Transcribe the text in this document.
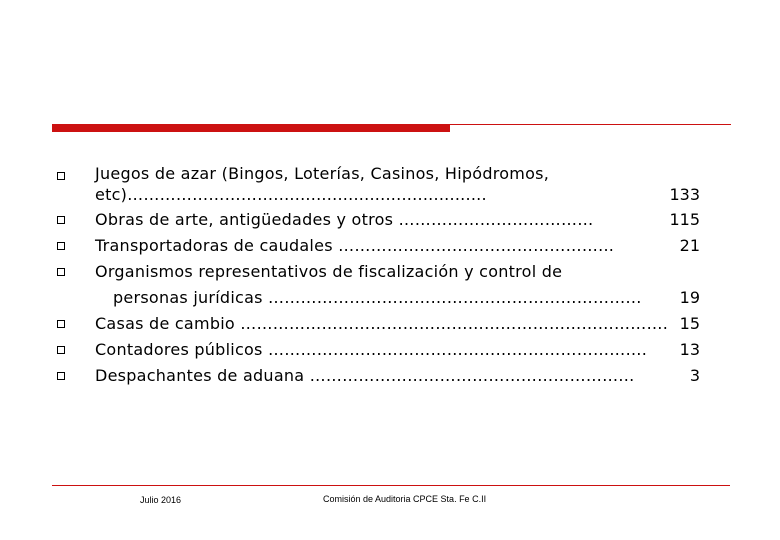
Juegos de azar (Bingos, Loterías, Casinos, Hipódromos,
etc)………………………........................................	133
Obras de arte, antigüedades y otros ………………………………	115
Transportadoras de caudales …………………………………………...	21
Organismos representativos de fiscalización y control de
personas jurídicas …………………………………………………………... 19
Casas de cambio ……………………………………………………………………. 15
Contadores públicos ……………………………………………………………. 13
Despachantes de aduana …………………………………………………...	3
Julio 2016	Comisión de Auditoria CPCE Sta. Fe C.II
